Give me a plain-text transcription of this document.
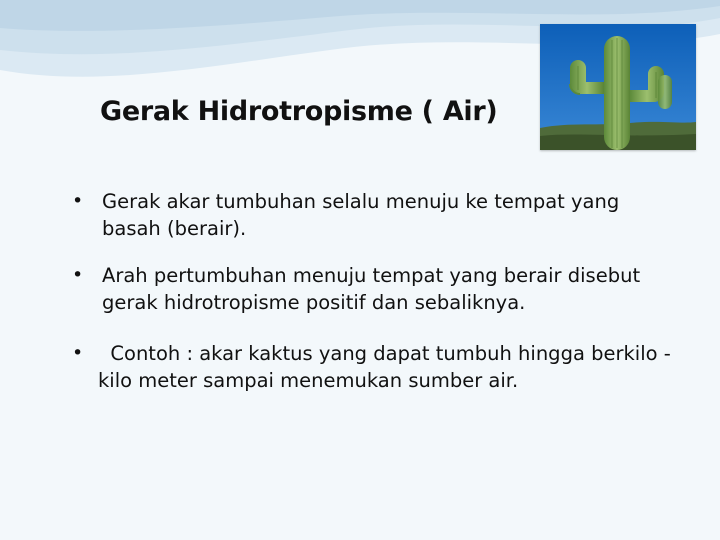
Gerak Hidrotropisme ( Air)
• Gerak akar tumbuhan selalu menuju ke tempat yang basah (berair).
• Arah pertumbuhan menuju tempat yang berair disebut gerak hidrotropisme positif dan sebaliknya.
• Contoh : akar kaktus yang dapat tumbuh hingga berkilo -kilo meter sampai menemukan sumber air.
